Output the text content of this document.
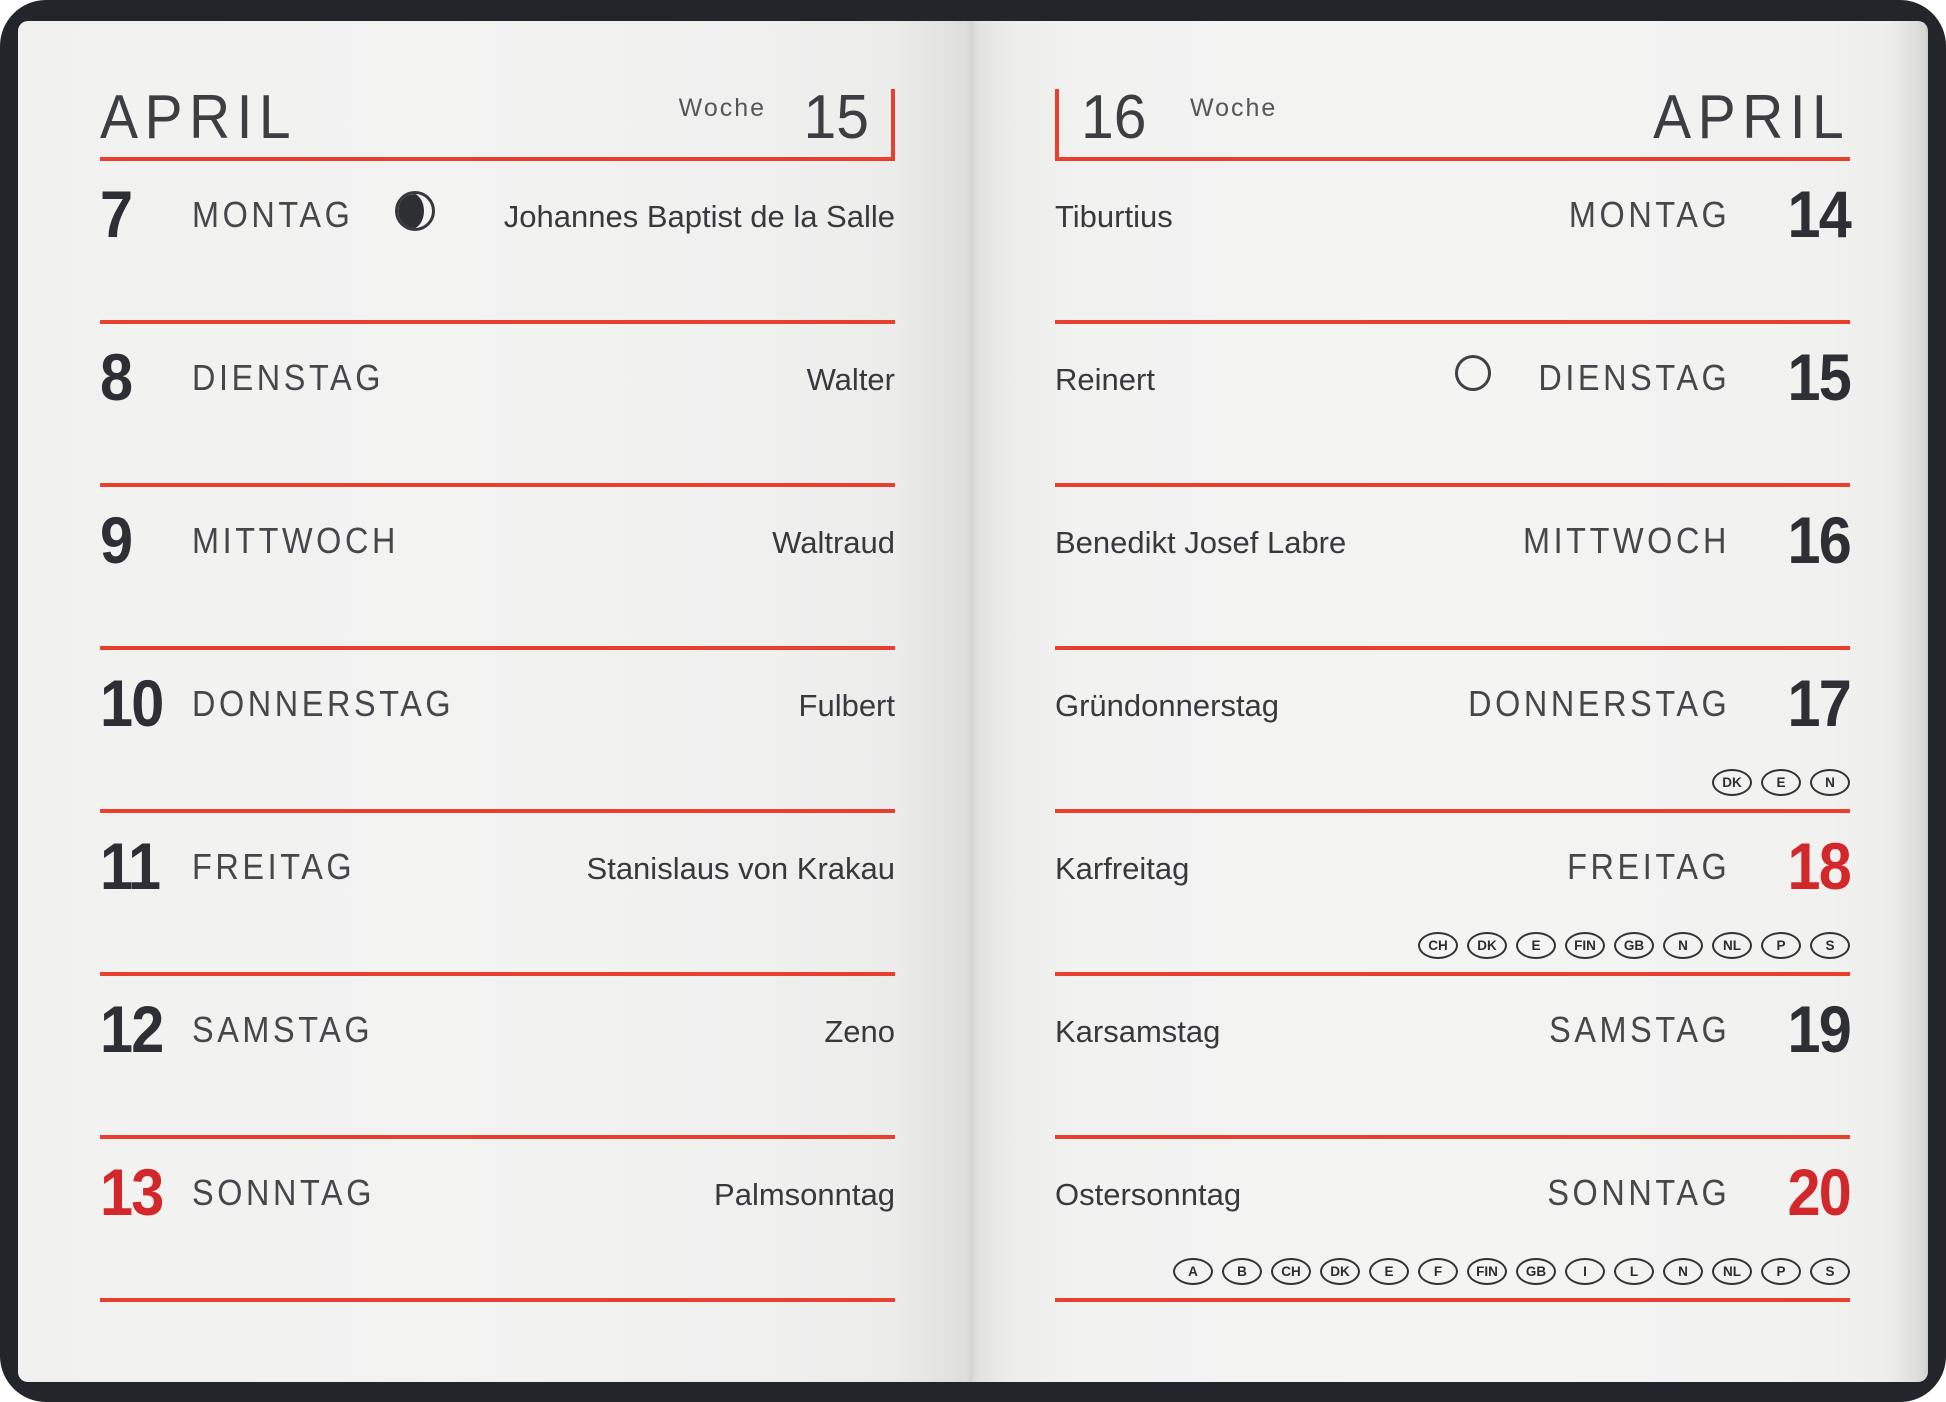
APRIL	Woche 15
7	MONTAG	Johannes Baptist de la Salle
8	DIENSTAG	Walter
9	MITTWOCH	Waltraud
10 DONNERSTAG	Fulbert
11 FREITAG	Stanislaus von Krakau
12 SAMSTAG	Zeno
13 SONNTAG	Palmsonntag
16 Woche	APRIL
Tiburtius	MONTAG 14
Reinert	DIENSTAG 15
Benedikt Josef Labre	MITTWOCH 16
Gründonnerstag	DONNERSTAG 17
DK	E	N
Karfreitag	FREITAG 18
CH	DK	E	FIN	GB	N	NL	P	S
Karsamstag	SAMSTAG 19
Ostersonntag	SONNTAG 20
A	B	CH	DK	E	F	FIN	GB	I	L	N	NL	P	S
